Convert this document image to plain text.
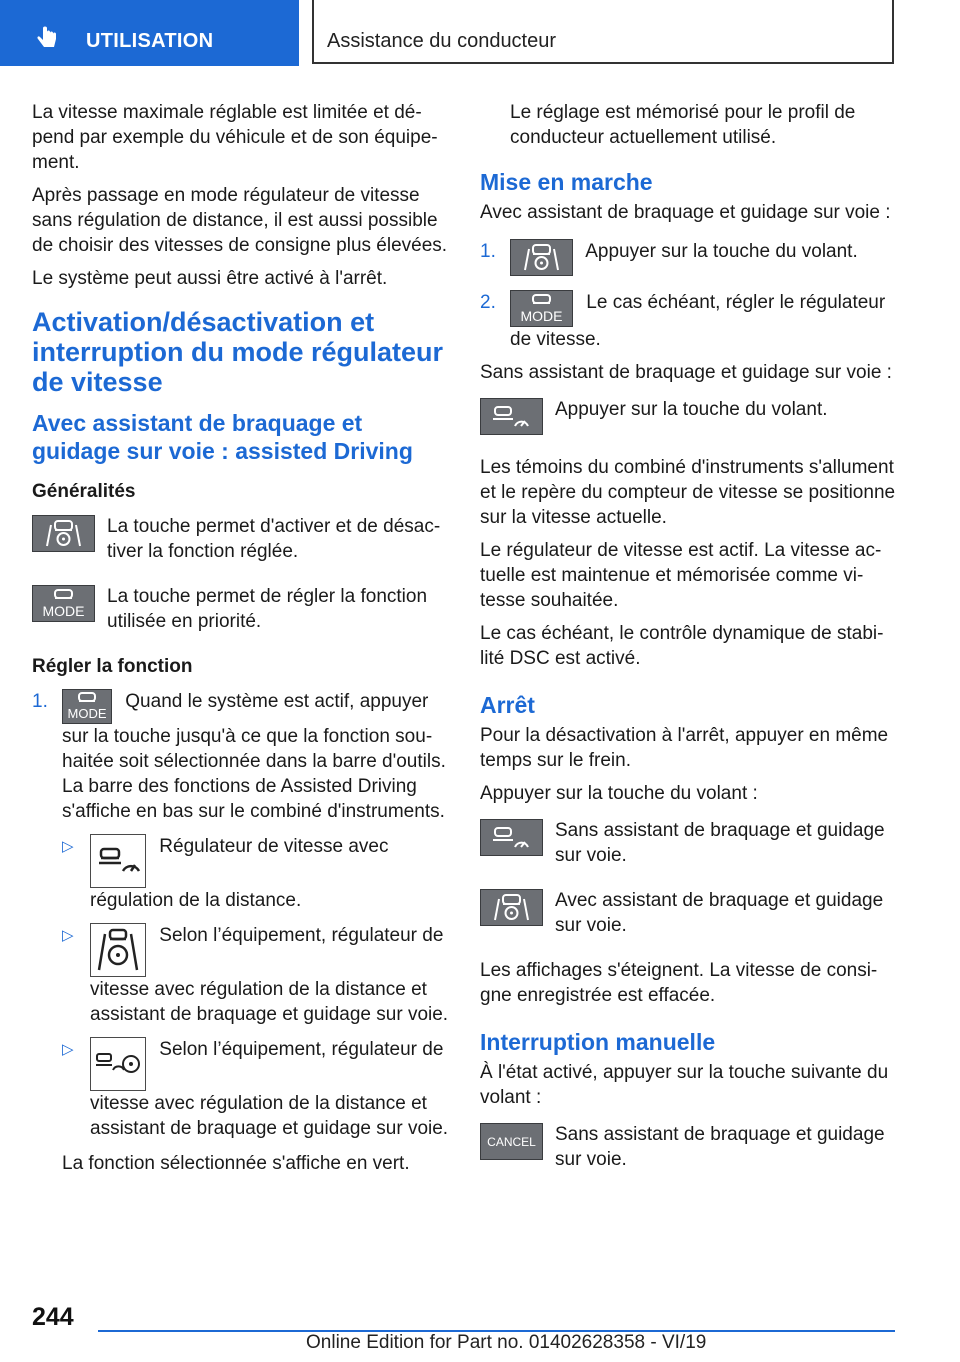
UTILISATION	Assistance du conducteur

La vitesse maximale réglable est limitée et dépend par exemple du véhicule et de son équipement.

Après passage en mode régulateur de vitesse sans régulation de distance, il est aussi possible de choisir des vitesses de consigne plus élevées.

Le système peut aussi être activé à l'arrêt.

Activation/désactivation et interruption du mode régulateur de vitesse
Avec assistant de braquage et guidage sur voie : assisted Driving
Généralités

La touche permet d'activer et de désactiver la fonction réglée.

MODE

La touche permet de régler la fonction utilisée en priorité.

Régler la fonction
1.
MODE
Quand le système est actif, appuyer sur la touche jusqu'à ce que la fonction souhaitée soit sélectionnée dans la barre d'outils.
La barre des fonctions de Assisted Driving s'affiche en bas sur le combiné d'instruments.
▷	Régulateur de vitesse avec régulation de la distance.
▷	Selon l’équipement, régulateur de vitesse avec régulation de la distance et assistant de braquage et guidage sur voie.
▷	Selon l’équipement, régulateur de vitesse avec régulation de la distance et assistant de braquage et guidage sur voie.

La fonction sélectionnée s'affiche en vert.

Le réglage est mémorisé pour le profil de conducteur actuellement utilisé.

Mise en marche

Avec assistant de braquage et guidage sur voie :

1.	Appuyer sur la touche du volant.
2.
MODE
Le cas échéant, régler le régulateur de vitesse.

Sans assistant de braquage et guidage sur voie :

Appuyer sur la touche du volant.

Les témoins du combiné d'instruments s'allument et le repère du compteur de vitesse se positionne sur la vitesse actuelle.

Le régulateur de vitesse est actif. La vitesse actuelle est maintenue et mémorisée comme vitesse souhaitée.

Le cas échéant, le contrôle dynamique de stabilité DSC est activé.

Arrêt

Pour la désactivation à l'arrêt, appuyer en même temps sur le frein.

Appuyer sur la touche du volant :

Sans assistant de braquage et guidage sur voie.

Avec assistant de braquage et guidage sur voie.

Les affichages s'éteignent. La vitesse de consigne enregistrée est effacée.

Interruption manuelle

À l'état activé, appuyer sur la touche suivante du volant :

CANCEL Sans assistant de braquage et guidage sur voie.

244
Online Edition for Part no. 01402628358 - VI/19
